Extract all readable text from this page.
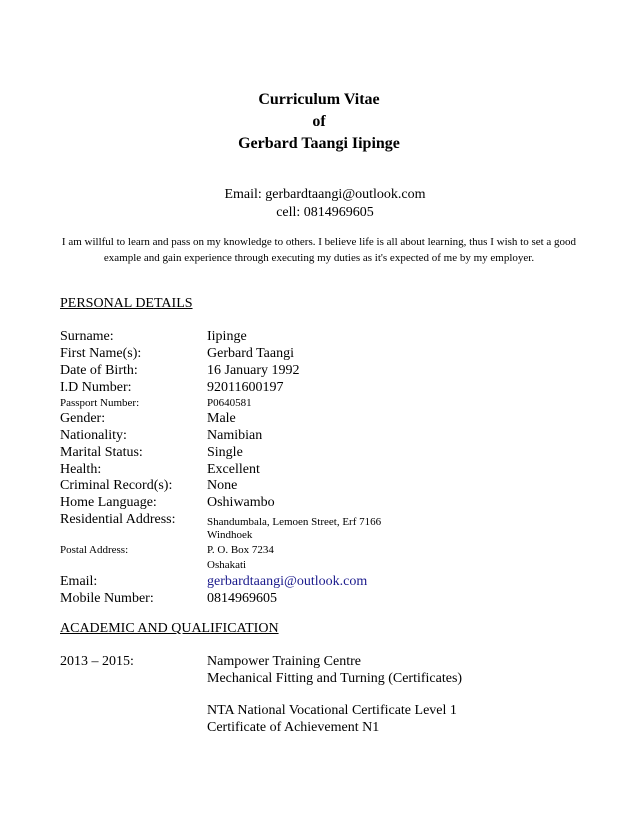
Curriculum Vitae
of
Gerbard Taangi Iipinge
Email: gerbardtaangi@outlook.com
cell: 0814969605
I am willful to learn and pass on my knowledge to others. I believe life is all about learning, thus I wish to set a good example and gain experience through executing my duties as it's expected of me by my employer.
PERSONAL DETAILS
Surname:	Iipinge
First Name(s):	Gerbard Taangi
Date of Birth:	16 January 1992
I.D Number:	92011600197
Passport Number:	P0640581
Gender:	Male
Nationality:	Namibian
Marital Status:	Single
Health:	Excellent
Criminal Record(s): None
Home Language:	Oshiwambo
Residential Address:	Shandumbala, Lemoen Street, Erf 7166
Windhoek
Postal Address:	P. O. Box 7234
Oshakati
Email:	gerbardtaangi@outlook.com
Mobile Number:	0814969605
ACADEMIC AND QUALIFICATION
2013 – 2015:	Nampower Training Centre
Mechanical Fitting and Turning (Certificates)
NTA National Vocational Certificate Level 1
Certificate of Achievement N1
